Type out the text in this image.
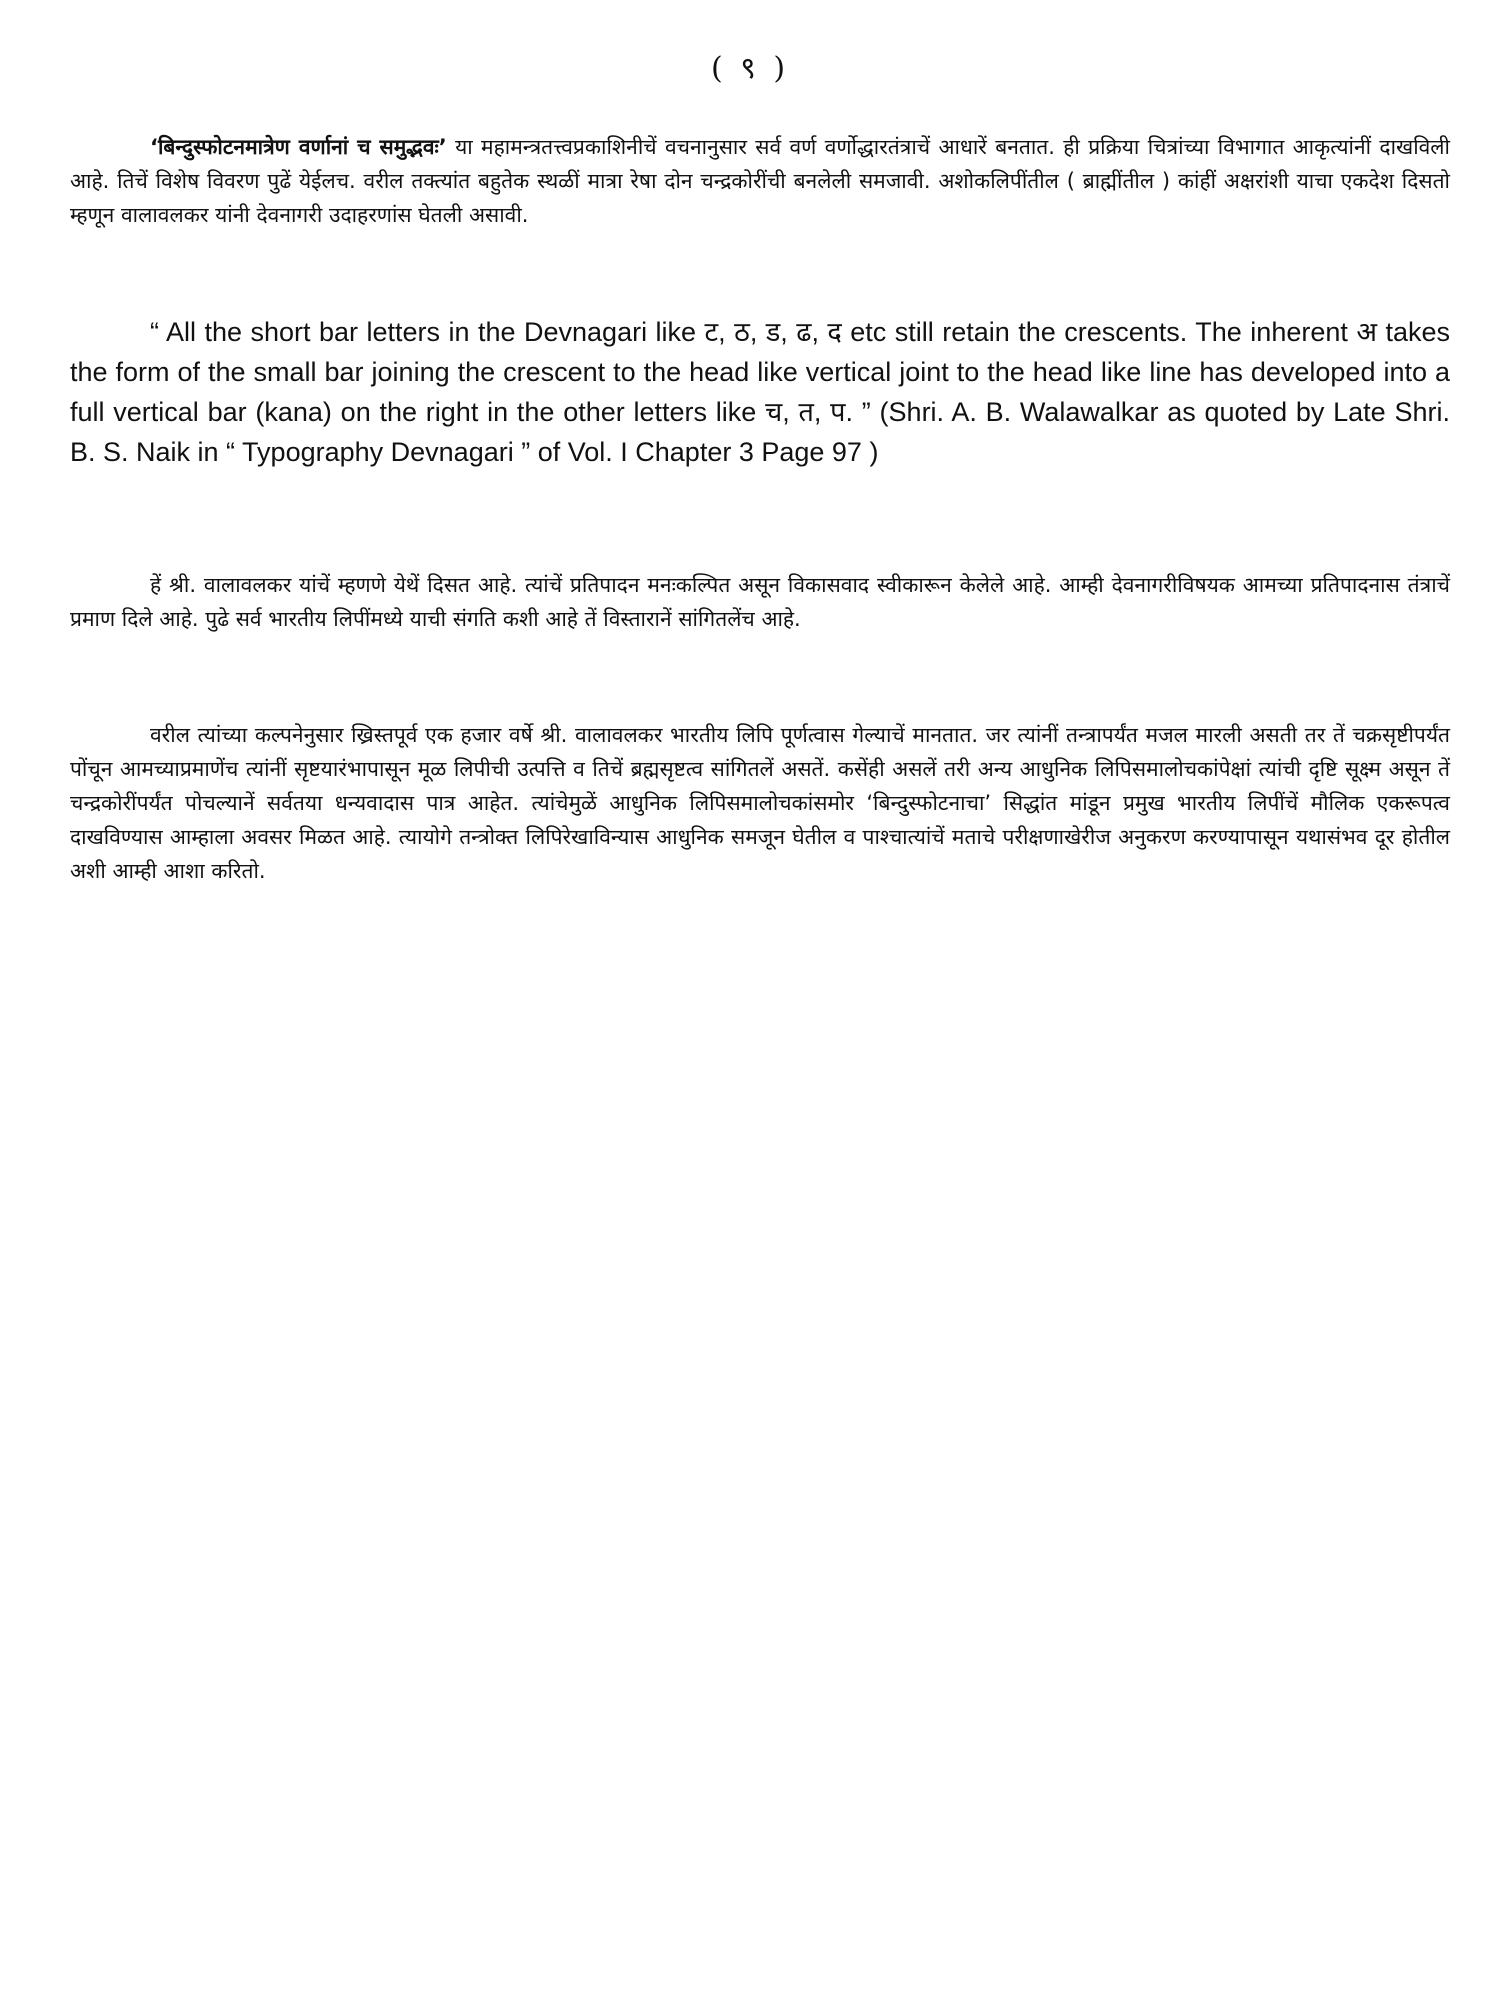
( ९ )

‘बिन्दुस्फोटनमात्रेण वर्णानां च समुद्भवः’ या महामन्त्रतत्त्वप्रकाशिनीचें वचनानुसार सर्व वर्ण वर्णोद्धारतंत्राचें आधारें बनतात. ही प्रक्रिया चित्रांच्या विभागात आकृत्यांनीं दाखविली आहे. तिचें विशेष विवरण पुढें येईलच. वरील तक्त्यांत बहुतेक स्थळीं मात्रा रेषा दोन चन्द्रकोरींची बनलेली समजावी. अशोकलिपींतील ( ब्राह्मींतील ) कांहीं अक्षरांशी याचा एकदेश दिसतो म्हणून वालावलकर यांनी देवनागरी उदाहरणांस घेतली असावी.

“ All the short bar letters in the Devnagari like ट, ठ, ड, ढ, द etc still retain the crescents. The inherent अ takes the form of the small bar joining the crescent to the head like vertical joint to the head like line has developed into a full vertical bar (kana) on the right in the other letters like च, त, प. ” (Shri. A. B. Walawalkar as quoted by Late Shri. B. S. Naik in “ Typography Devnagari ” of Vol. I Chapter 3 Page 97 )

हें श्री. वालावलकर यांचें म्हणणे येथें दिसत आहे. त्यांचें प्रतिपादन मनःकल्पित असून विकासवाद स्वीकारून केलेले आहे. आम्ही देवनागरीविषयक आमच्या प्रतिपादनास तंत्राचें प्रमाण दिले आहे. पुढे सर्व भारतीय लिपींमध्ये याची संगति कशी आहे तें विस्तारानें सांगितलेंच आहे.

वरील त्यांच्या कल्पनेनुसार ख्रिस्तपूर्व एक हजार वर्षे श्री. वालावलकर भारतीय लिपि पूर्णत्वास गेल्याचें मानतात. जर त्यांनीं तन्त्रापर्यंत मजल मारली असती तर तें चक्रसृष्टीपर्यंत पोंचून आमच्याप्रमाणेंच त्यांनीं सृष्टयारंभापासून मूळ लिपीची उत्पत्ति व तिचें ब्रह्मसृष्टत्व सांगितलें असतें. कसेंही असलें तरी अन्य आधुनिक लिपिसमालोचकांपेक्षां त्यांची दृष्टि सूक्ष्म असून तें चन्द्रकोरींपर्यंत पोचल्यानें सर्वतया धन्यवादास पात्र आहेत. त्यांचेमुळें आधुनिक लिपिसमालोचकांसमोर ‘बिन्दुस्फोटनाचा’ सिद्धांत मांडून प्रमुख भारतीय लिपींचें मौलिक एकरूपत्व दाखविण्यास आम्हाला अवसर मिळत आहे. त्यायोगे तन्त्रोक्त लिपिरेखाविन्यास आधुनिक समजून घेतील व पाश्चात्यांचें मताचे परीक्षणाखेरीज अनुकरण करण्यापासून यथासंभव दूर होतील अशी आम्ही आशा करितो.
